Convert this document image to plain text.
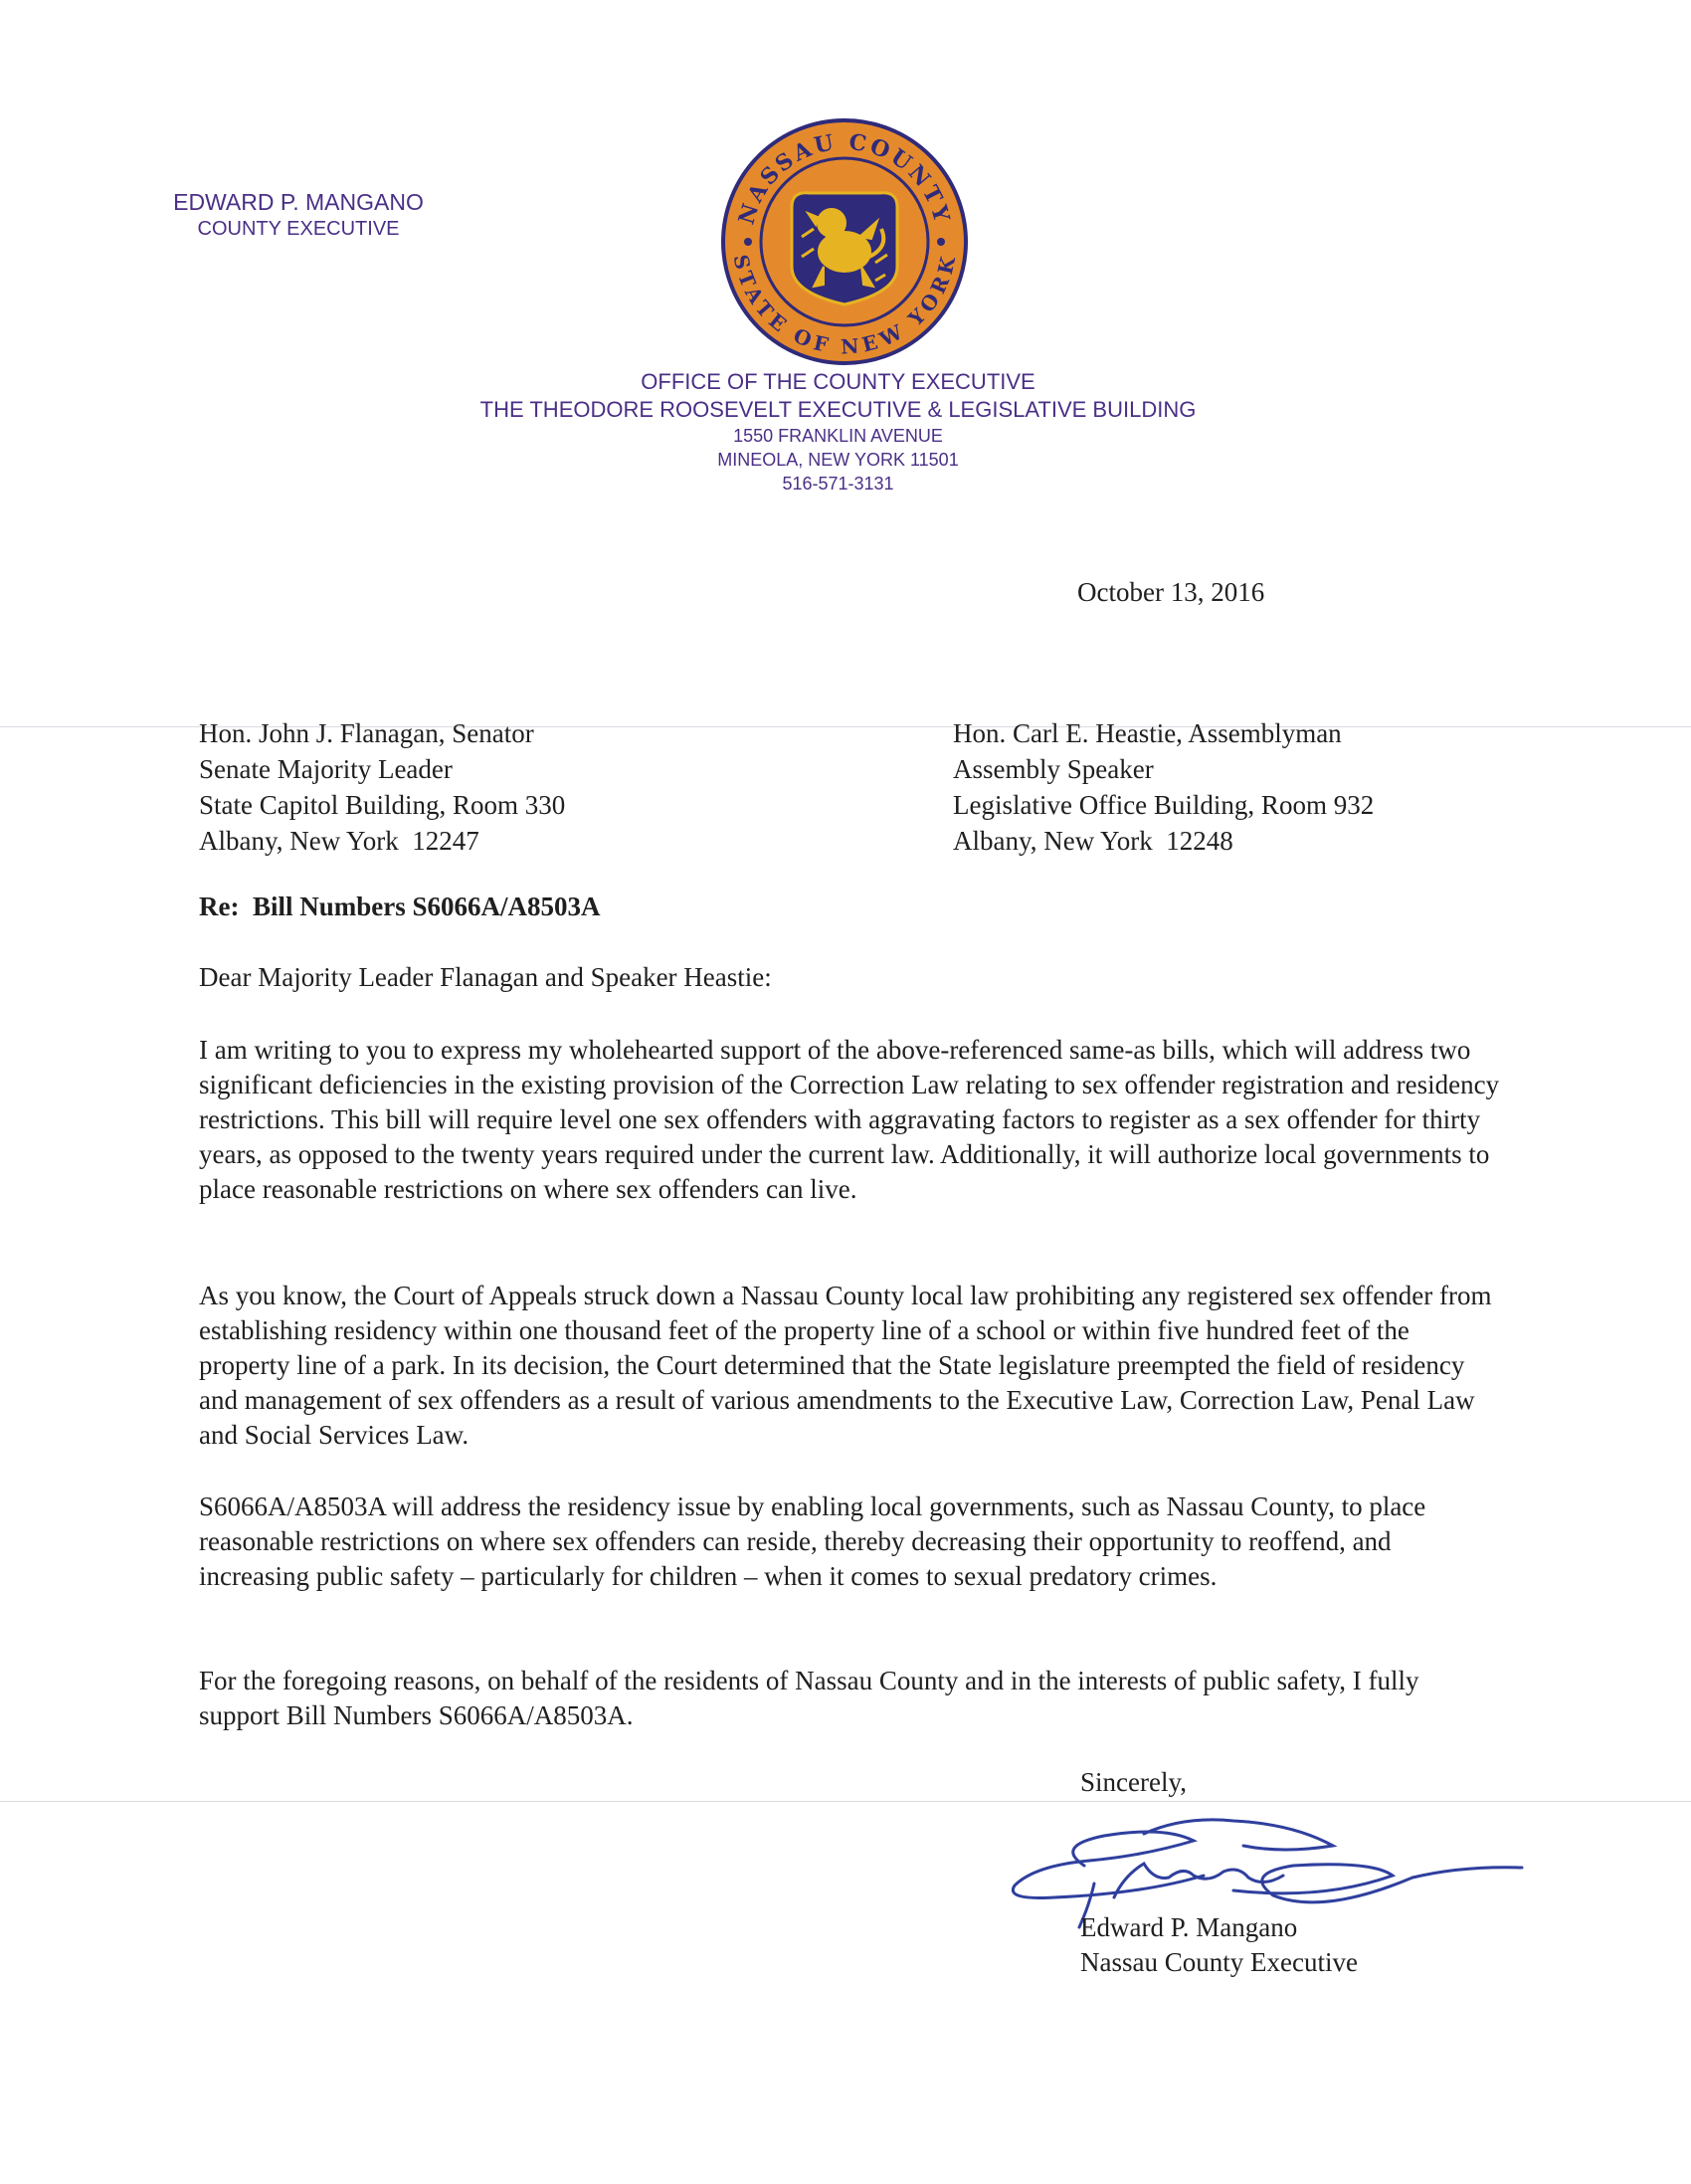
EDWARD P. MANGANO
COUNTY EXECUTIVE
NASSAU COUNTY
STATE OF NEW YORK
OFFICE OF THE COUNTY EXECUTIVE
THE THEODORE ROOSEVELT EXECUTIVE & LEGISLATIVE BUILDING
1550 FRANKLIN AVENUE
MINEOLA, NEW YORK 11501
516-571-3131
October 13, 2016
Hon. John J. Flanagan, Senator
Senate Majority Leader
State Capitol Building, Room 330
Albany, New York  12247
Hon. Carl E. Heastie, Assemblyman
Assembly Speaker
Legislative Office Building, Room 932
Albany, New York  12248
Re:  Bill Numbers S6066A/A8503A
Dear Majority Leader Flanagan and Speaker Heastie:

I am writing to you to express my wholehearted support of the above-referenced same-as bills, which will address two significant deficiencies in the existing provision of the Correction Law relating to sex offender registration and residency restrictions. This bill will require level one sex offenders with aggravating factors to register as a sex offender for thirty years, as opposed to the twenty years required under the current law. Additionally, it will authorize local governments to place reasonable restrictions on where sex offenders can live.

As you know, the Court of Appeals struck down a Nassau County local law prohibiting any registered sex offender from establishing residency within one thousand feet of the property line of a school or within five hundred feet of the property line of a park. In its decision, the Court determined that the State legislature preempted the field of residency and management of sex offenders as a result of various amendments to the Executive Law, Correction Law, Penal Law and Social Services Law.

S6066A/A8503A will address the residency issue by enabling local governments, such as Nassau County, to place reasonable restrictions on where sex offenders can reside, thereby decreasing their opportunity to reoffend, and increasing public safety – particularly for children – when it comes to sexual predatory crimes.

For the foregoing reasons, on behalf of the residents of Nassau County and in the interests of public safety, I fully support Bill Numbers S6066A/A8503A.

Sincerely,
Edward P. Mangano
Nassau County Executive
